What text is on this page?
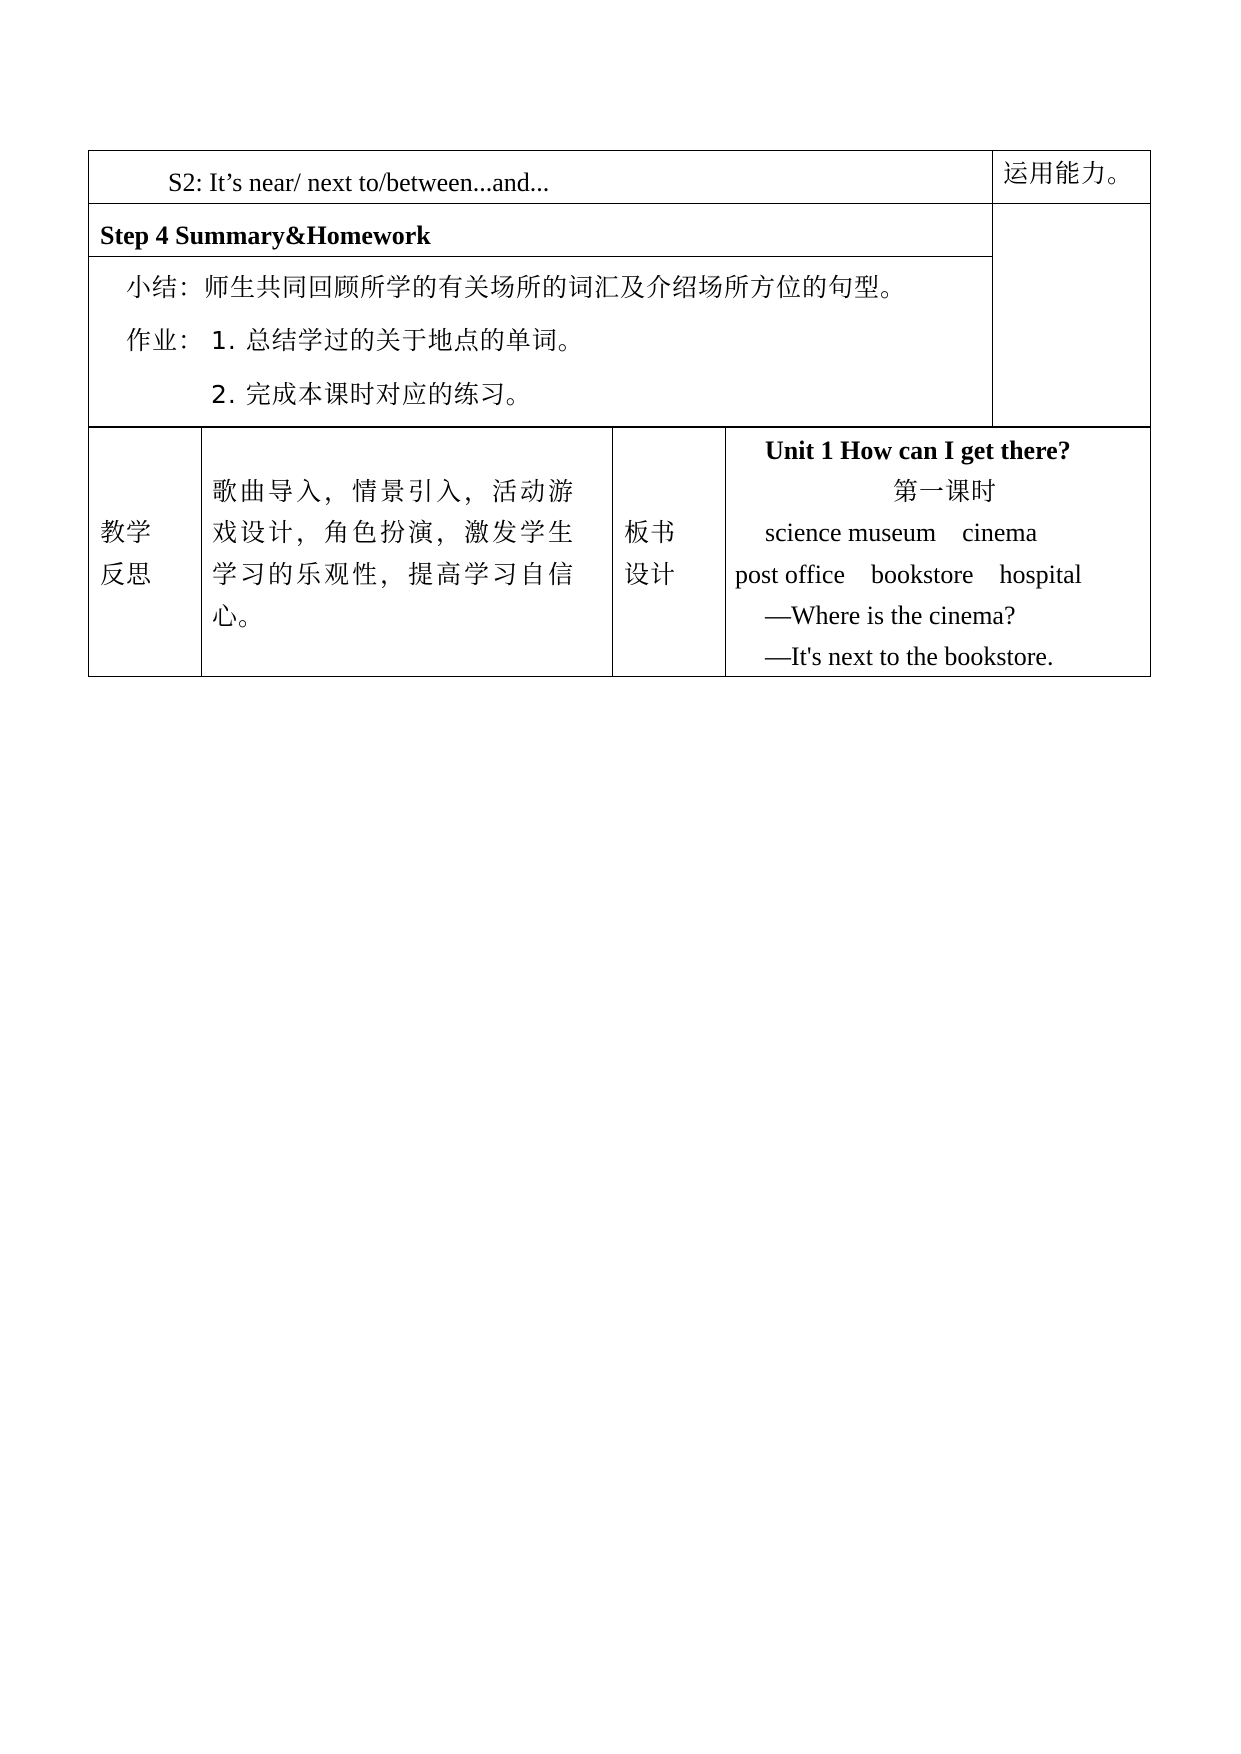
S2: It’s near/ next to/between...and...	运用能力。
Step 4 Summary&Homework
小结：师生共同回顾所学的有关场所的词汇及介绍场所方位的句型。
作业： 1. 总结学过的关于地点的单词。
2. 完成本课时对应的练习。
教学
反思
歌曲导入，情景引入，活动游
戏设计，角色扮演，激发学生
学习的乐观性，提高学习自信
心。
板书
设计
Unit 1 How can I get there?
第一课时
science museum    cinema
post office    bookstore    hospital
—Where is the cinema?
—It's next to the bookstore.
